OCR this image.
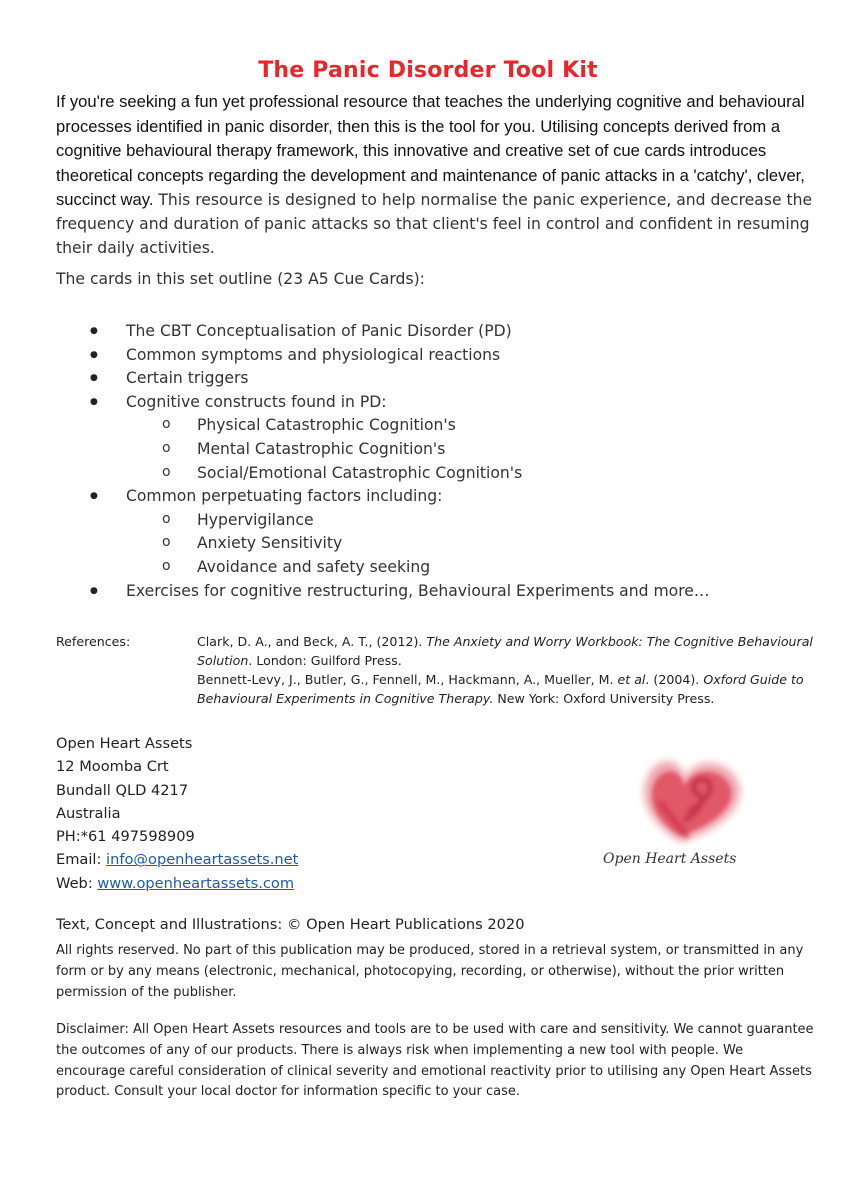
The Panic Disorder Tool Kit

If you're seeking a fun yet professional resource that teaches the underlying cognitive and behavioural processes identified in panic disorder, then this is the tool for you. Utilising concepts derived from a cognitive behavioural therapy framework, this innovative and creative set of cue cards introduces theoretical concepts regarding the development and maintenance of panic attacks in a 'catchy', clever, succinct way. This resource is designed to help normalise the panic experience, and decrease the frequency and duration of panic attacks so that client's feel in control and confident in resuming their daily activities.

The cards in this set outline (23 A5 Cue Cards):

● The CBT Conceptualisation of Panic Disorder (PD)
● Common symptoms and physiological reactions
● Certain triggers
● Cognitive constructs found in PD:
o Physical Catastrophic Cognition's
o Mental Catastrophic Cognition's
o Social/Emotional Catastrophic Cognition's
● Common perpetuating factors including:
o Hypervigilance
o Anxiety Sensitivity
o Avoidance and safety seeking
● Exercises for cognitive restructuring, Behavioural Experiments and more…
References:	Clark, D. A., and Beck, A. T., (2012). The Anxiety and Worry Workbook: The Cognitive Behavioural Solution. London: Guilford Press.

Bennett-Levy, J., Butler, G., Fennell, M., Hackmann, A., Mueller, M. et al. (2004). Oxford Guide to Behavioural Experiments in Cognitive Therapy. New York: Oxford University Press.

Open Heart Assets
12 Moomba Crt
Bundall QLD 4217
Australia
PH:*61 497598909
Email: info@openheartassets.net
Web: www.openheartassets.com
Open Heart Assets
Text, Concept and Illustrations: © Open Heart Publications 2020

All rights reserved. No part of this publication may be produced, stored in a retrieval system, or transmitted in any form or by any means (electronic, mechanical, photocopying, recording, or otherwise), without the prior written permission of the publisher.

Disclaimer: All Open Heart Assets resources and tools are to be used with care and sensitivity. We cannot guarantee the outcomes of any of our products. There is always risk when implementing a new tool with people. We encourage careful consideration of clinical severity and emotional reactivity prior to utilising any Open Heart Assets product. Consult your local doctor for information specific to your case.
